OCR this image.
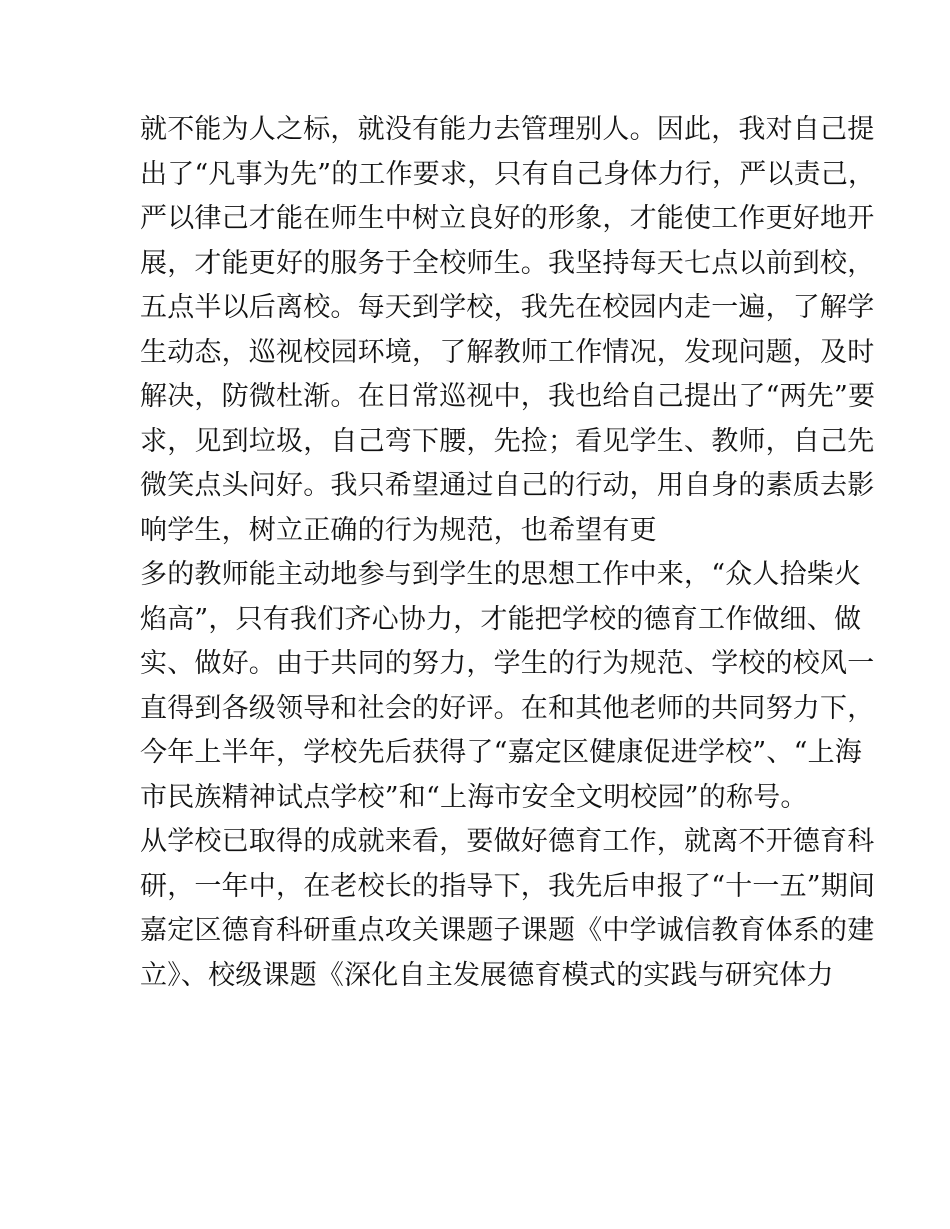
就不能为人之标，就没有能力去管理别人。因此，我对自己提
出了“凡事为先”的工作要求，只有自己身体力行，严以责己，
严以律己才能在师生中树立良好的形象，才能使工作更好地开
展，才能更好的服务于全校师生。我坚持每天七点以前到校，
五点半以后离校。每天到学校，我先在校园内走一遍，了解学
生动态，巡视校园环境，了解教师工作情况，发现问题，及时
解决，防微杜渐。在日常巡视中，我也给自己提出了“两先”要
求，见到垃圾，自己弯下腰，先捡；看见学生、教师，自己先
微笑点头问好。我只希望通过自己的行动，用自身的素质去影
响学生，树立正确的行为规范，也希望有更
多的教师能主动地参与到学生的思想工作中来，“众人拾柴火
焰高”，只有我们齐心协力，才能把学校的德育工作做细、做
实、做好。由于共同的努力，学生的行为规范、学校的校风一
直得到各级领导和社会的好评。在和其他老师的共同努力下，
今年上半年，学校先后获得了“嘉定区健康促进学校”、“上海
市民族精神试点学校”和“上海市安全文明校园”的称号。
从学校已取得的成就来看，要做好德育工作，就离不开德育科
研，一年中，在老校长的指导下，我先后申报了“十一五”期间
嘉定区德育科研重点攻关课题子课题《中学诚信教育体系的建
立》、校级课题《深化自主发展德育模式的实践与研究体力
